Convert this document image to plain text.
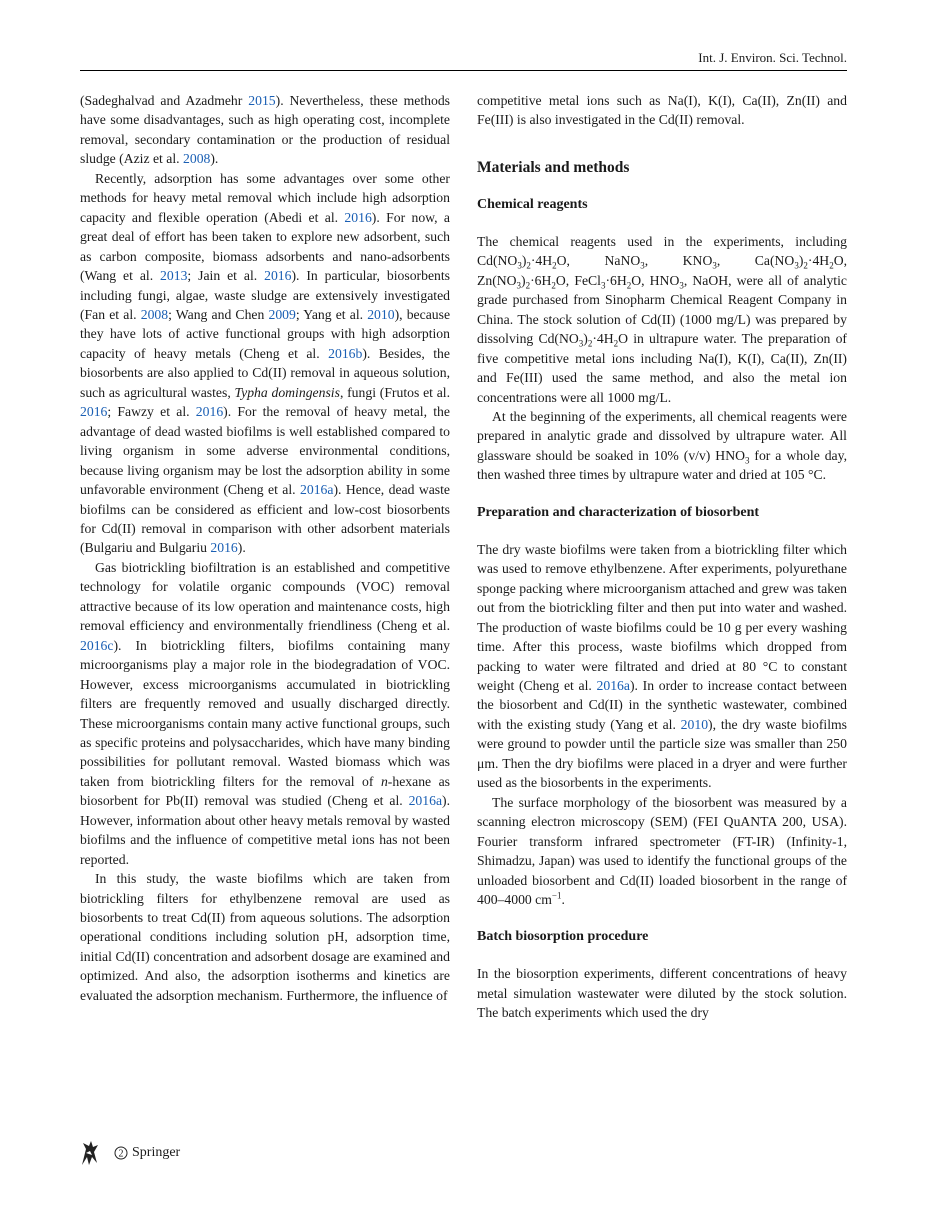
Int. J. Environ. Sci. Technol.

(Sadeghalvad and Azadmehr 2015). Nevertheless, these methods have some disadvantages, such as high operating cost, incomplete removal, secondary contamination or the production of residual sludge (Aziz et al. 2008).

Recently, adsorption has some advantages over some other methods for heavy metal removal which include high adsorption capacity and flexible operation (Abedi et al. 2016). For now, a great deal of effort has been taken to explore new adsorbent, such as carbon composite, biomass adsorbents and nano-adsorbents (Wang et al. 2013; Jain et al. 2016). In particular, biosorbents including fungi, algae, waste sludge are extensively investigated (Fan et al. 2008; Wang and Chen 2009; Yang et al. 2010), because they have lots of active functional groups with high adsorption capacity of heavy metals (Cheng et al. 2016b). Besides, the biosorbents are also applied to Cd(II) removal in aqueous solution, such as agricultural wastes, Typha domingensis, fungi (Frutos et al. 2016; Fawzy et al. 2016). For the removal of heavy metal, the advantage of dead wasted biofilms is well established compared to living organism in some adverse environmental conditions, because living organism may be lost the adsorption ability in some unfavorable environment (Cheng et al. 2016a). Hence, dead waste biofilms can be considered as efficient and low-cost biosorbents for Cd(II) removal in comparison with other adsorbent materials (Bulgariu and Bulgariu 2016).

Gas biotrickling biofiltration is an established and competitive technology for volatile organic compounds (VOC) removal attractive because of its low operation and maintenance costs, high removal efficiency and environmentally friendliness (Cheng et al. 2016c). In biotrickling filters, biofilms containing many microorganisms play a major role in the biodegradation of VOC. However, excess microorganisms accumulated in biotrickling filters are frequently removed and usually discharged directly. These microorganisms contain many active functional groups, such as specific proteins and polysaccharides, which have many binding possibilities for pollutant removal. Wasted biomass which was taken from biotrickling filters for the removal of n-hexane as biosorbent for Pb(II) removal was studied (Cheng et al. 2016a). However, information about other heavy metals removal by wasted biofilms and the influence of competitive metal ions has not been reported.

In this study, the waste biofilms which are taken from biotrickling filters for ethylbenzene removal are used as biosorbents to treat Cd(II) from aqueous solutions. The adsorption operational conditions including solution pH, adsorption time, initial Cd(II) concentration and adsorbent dosage are examined and optimized. And also, the adsorption isotherms and kinetics are evaluated the adsorption mechanism. Furthermore, the influence of

competitive metal ions such as Na(I), K(I), Ca(II), Zn(II) and Fe(III) is also investigated in the Cd(II) removal.

Materials and methods
Chemical reagents

The chemical reagents used in the experiments, including $Cd(NO_3)_2\cdot 4H_2O$, NaNO$_3$, $KNO_3$, $Ca(NO_3)_2\cdot 4H_2O$, $Zn(NO_3)_2\cdot 6H_2O$, $FeCl_3\cdot 6H_2O$, $HNO_3$, NaOH, were all of analytic grade purchased from Sinopharm Chemical Reagent Company in China. The stock solution of Cd(II) (1000 mg/L) was prepared by dissolving $Cd(NO_3)_2\cdot 4H_2O$ in ultrapure water. The preparation of five competitive metal ions including Na(I), K(I), Ca(II), Zn(II) and Fe(III) used the same method, and also the metal ion concentrations were all 1000 mg/L.

At the beginning of the experiments, all chemical reagents were prepared in analytic grade and dissolved by ultrapure water. All glassware should be soaked in 10% (v/v) $HNO_3$ for a whole day, then washed three times by ultrapure water and dried at 105 °C.

Preparation and characterization of biosorbent

The dry waste biofilms were taken from a biotrickling filter which was used to remove ethylbenzene. After experiments, polyurethane sponge packing where microorganism attached and grew was taken out from the biotrickling filter and then put into water and washed. The production of waste biofilms could be 10 g per every washing time. After this process, waste biofilms which dropped from packing to water were filtrated and dried at 80 °C to constant weight (Cheng et al. 2016a). In order to increase contact between the biosorbent and Cd(II) in the synthetic wastewater, combined with the existing study (Yang et al. 2010), the dry waste biofilms were ground to powder until the particle size was smaller than 250 μm. Then the dry biofilms were placed in a dryer and were further used as the biosorbents in the experiments.

The surface morphology of the biosorbent was measured by a scanning electron microscopy (SEM) (FEI QuANTA 200, USA). Fourier transform infrared spectrometer (FT-IR) (Infinity-1, Shimadzu, Japan) was used to identify the functional groups of the unloaded biosorbent and Cd(II) loaded biosorbent in the range of 400–4000 $cm^{-1}$.

Batch biosorption procedure

In the biosorption experiments, different concentrations of heavy metal simulation wastewater were diluted by the stock solution. The batch experiments which used the dry

2 Springer
